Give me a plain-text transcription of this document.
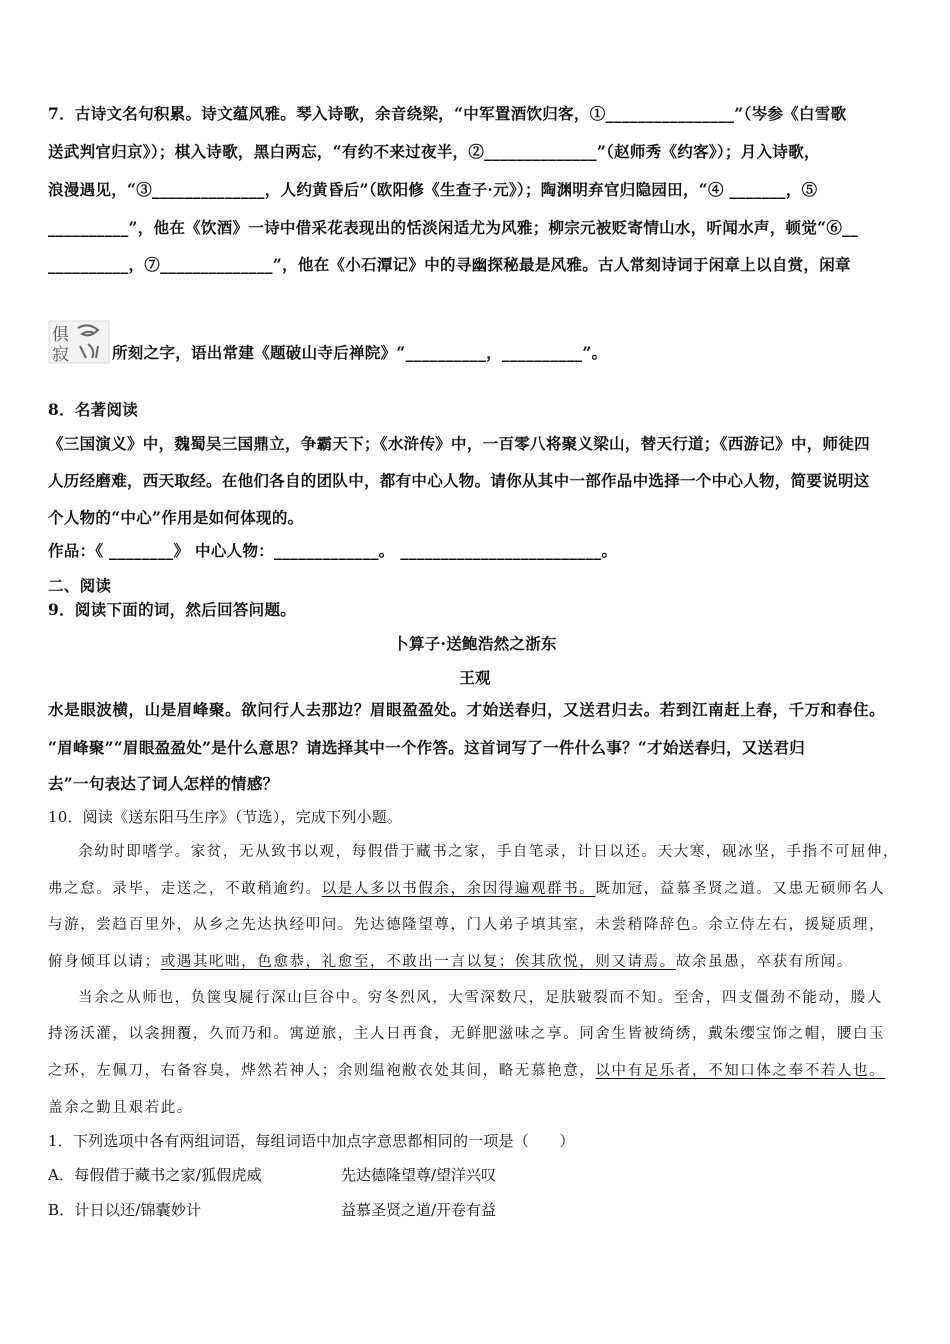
7．古诗文名句积累。诗文蕴风雅。琴入诗歌，余音绕梁，“中军置酒饮归客，①________________”（岑参《白雪歌
送武判官归京》）；棋入诗歌，黑白两忘，“有约不来过夜半，②______________”（赵师秀《约客》）；月入诗歌，
浪漫遇见，“③______________，人约黄昏后”（欧阳修《生查子·元》）；陶渊明弃官归隐园田，“④ _______，⑤
__________”，他在《饮酒》一诗中借采花表现出的恬淡闲适尤为风雅；柳宗元被贬寄情山水，听闻水声，顿觉“⑥__
__________，⑦______________”，他在《小石潭记》中的寻幽探秘最是风雅。古人常刻诗词于闲章上以自赏，闲章
俱
寂	所刻之字，语出常建《题破山寺后禅院》“__________，__________”。
8．名著阅读
《三国演义》中，魏蜀吴三国鼎立，争霸天下；《水浒传》中，一百零八将聚义梁山，替天行道；《西游记》中，师徒四
人历经磨难，西天取经。在他们各自的团队中，都有中心人物。请你从其中一部作品中选择一个中心人物，简要说明这
个人物的“中心”作用是如何体现的。
作品：《 ________》 中心人物：_____________。 _________________________。
二、阅读
9．阅读下面的词，然后回答问题。
卜算子·送鲍浩然之浙东
王观
水是眼波横，山是眉峰聚。欲问行人去那边？眉眼盈盈处。才始送春归，又送君归去。若到江南赶上春，千万和春住。
“眉峰聚”“眉眼盈盈处”是什么意思？请选择其中一个作答。这首词写了一件什么事？“才始送春归，又送君归
去”一句表达了词人怎样的情感？
10．阅读《送东阳马生序》（节选），完成下列小题。
余幼时即嗜学。家贫，无从致书以观，每假借于藏书之家，手自笔录，计日以还。天大寒，砚冰坚，手指不可屈伸，
弗之怠。录毕，走送之，不敢稍逾约。以是人多以书假余，余因得遍观群书。既加冠，益慕圣贤之道。又患无硕师名人
与游，尝趋百里外，从乡之先达执经叩问。先达德隆望尊，门人弟子填其室，未尝稍降辞色。余立侍左右，援疑质理，
俯身倾耳以请；或遇其叱咄，色愈恭，礼愈至，不敢出一言以复；俟其欣悦，则又请焉。故余虽愚，卒获有所闻。
当余之从师也，负箧曳屣行深山巨谷中。穷冬烈风，大雪深数尺，足肤皲裂而不知。至舍，四支僵劲不能动，媵人
持汤沃灌，以衾拥覆，久而乃和。寓逆旅，主人日再食，无鲜肥滋味之享。同舍生皆被绮绣，戴朱缨宝饰之帽，腰白玉
之环，左佩刀，右备容臭，烨然若神人；余则缊袍敝衣处其间，略无慕艳意，以中有足乐者，不知口体之奉不若人也。
盖余之勤且艰若此。
1．下列选项中各有两组词语，每组词语中加点字意思都相同的一项是（　　）
A．每假借于藏书之家/狐假虎威	先达德隆望尊/望洋兴叹
B．计日以还/锦囊妙计	益慕圣贤之道/开卷有益
